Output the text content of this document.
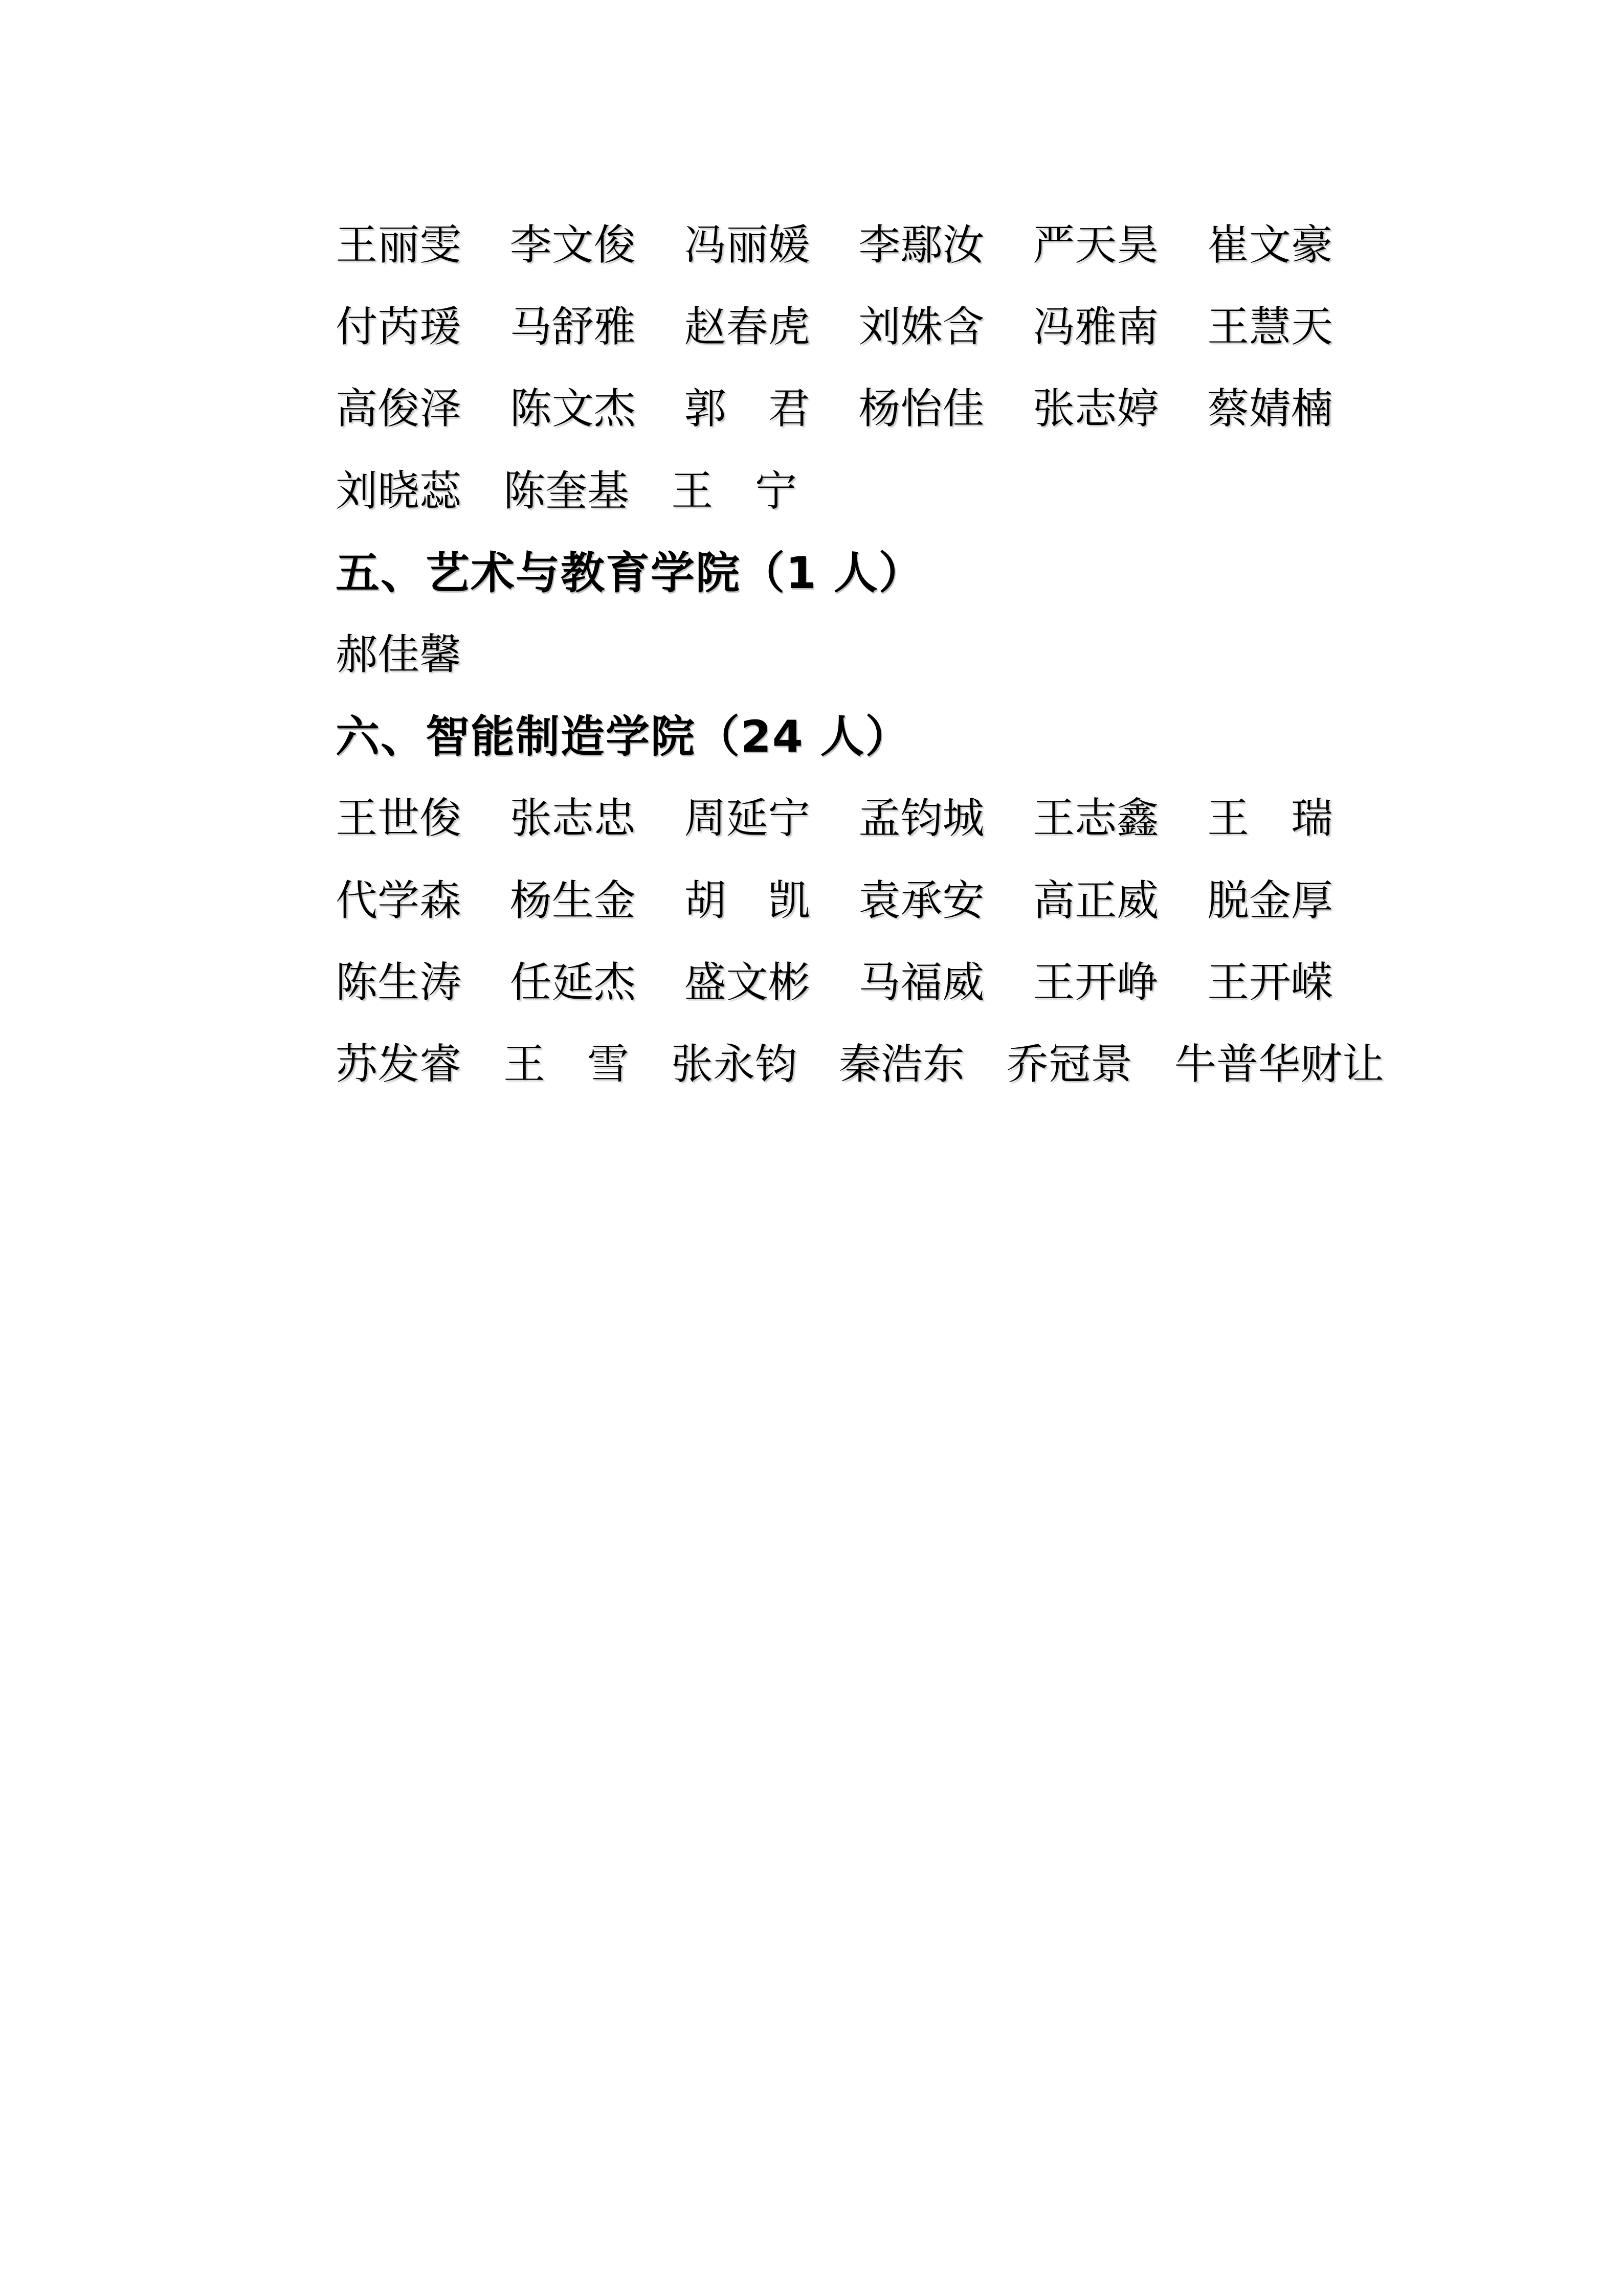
王丽雯 李文俊 冯丽媛 李鄢汝 严天昊 崔文豪
付芮瑗 马舒雅 赵春虎 刘姝含 冯雅南 王慧天
高俊泽 陈文杰 郭　君 杨怡佳 张志婷 蔡婧楠
刘晓蕊　陈奎基　王　宁
五、艺术与教育学院（1 人）
郝佳馨
六、智能制造学院（24 人）
王世俊 张志忠 周延宁 孟钧城 王志鑫 王　瑞
代学森 杨生金 胡　凯 袁承安 高正威 脱金厚
陈生涛 任延杰 盛文彬 马福威 王开峥 王开嵘
苏发睿　王　雪　张永钧　秦浩东　乔冠景　牛普华财让
